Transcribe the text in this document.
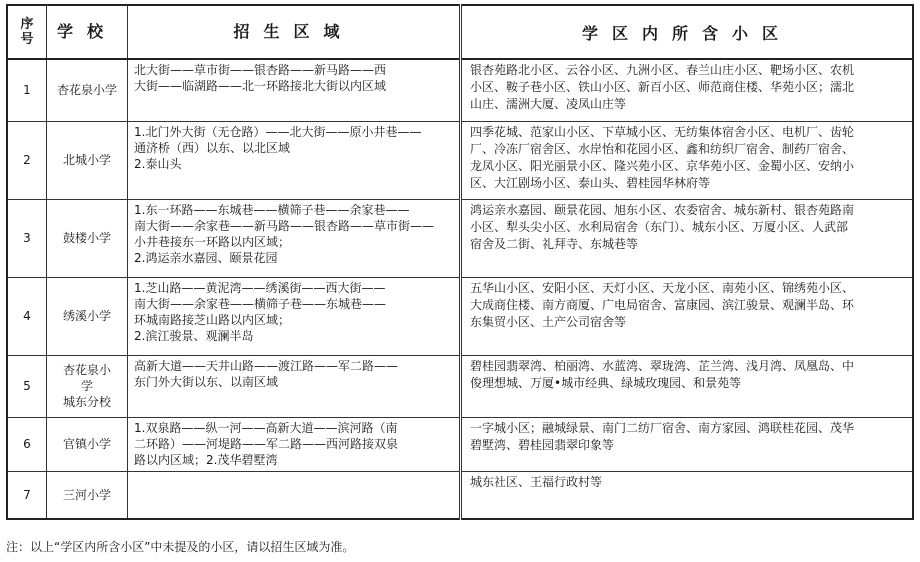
序号	学校	招生区域	学区内所含小区
1	杏花泉小学	北大街——草市街——银杏路——新马路——西
大街——临湖路——北一环路接北大街以内区域	银杏苑路北小区、云谷小区、九洲小区、春兰山庄小区、靶场小区、农机
小区、鞍子巷小区、铁山小区、新百小区、师范商住楼、华苑小区；濡北
山庄、濡洲大厦、凌凤山庄等

2	北城小学	1.北门外大街（无仓路）——北大街——原小井巷——
通济桥（西）以东、以北区域
2.泰山头	四季花城、范家山小区、下草城小区、无纺集体宿舍小区、电机厂、齿轮
厂、冷冻厂宿舍区、水岸怡和花园小区、鑫和纺织厂宿舍、制药厂宿舍、
龙凤小区、阳光丽景小区、隆兴苑小区、京华苑小区、金蜀小区、安纳小
区、大江剧场小区、泰山头、碧桂园华林府等

3	鼓楼小学	1.东一环路——东城巷——横筛子巷——余家巷——
南大街——余家巷——新马路——银杏路——草市街——
小井巷接东一环路以内区域；
2.鸿运亲水嘉园、颐景花园	鸿运亲水嘉园、颐景花园、旭东小区、农委宿舍、城东新村、银杏苑路南
小区、犁头尖小区、水利局宿舍（东门）、城东小区、万厦小区、人武部
宿舍及二街、礼拜寺、东城巷等

4	绣溪小学	1.芝山路——黄泥湾——绣溪街——西大街——
南大街——余家巷——横筛子巷——东城巷——
环城南路接芝山路以内区域；
2.滨江骏景、观澜半岛	五华山小区、安阳小区、天灯小区、天龙小区、南苑小区、锦绣苑小区、
大成商住楼、南方商厦、广电局宿舍、富康园、滨江骏景、观澜半岛、环
东集贸小区、土产公司宿舍等

5	杏花泉小
学
城东分校	高新大道——天井山路——渡江路——军二路——
东门外大街以东、以南区域	碧桂园翡翠湾、柏丽湾、水蓝湾、翠珑湾、芷兰湾、浅月湾、凤凰岛、中
俊理想城、万厦•城市经典、绿城玫瑰园、和景苑等

6	官镇小学	1.双泉路——纵一河——高新大道——滨河路（南
二环路）——河堤路——军二路——西河路接双泉
路以内区域；2.茂华碧墅湾	一字城小区；融城绿景、南门二纺厂宿舍、南方家园、鸿联桂花园、茂华
碧墅湾、碧桂园翡翠印象等

7	三河小学		城东社区、王福行政村等
注：以上“学区内所含小区”中未提及的小区，请以招生区域为准。
